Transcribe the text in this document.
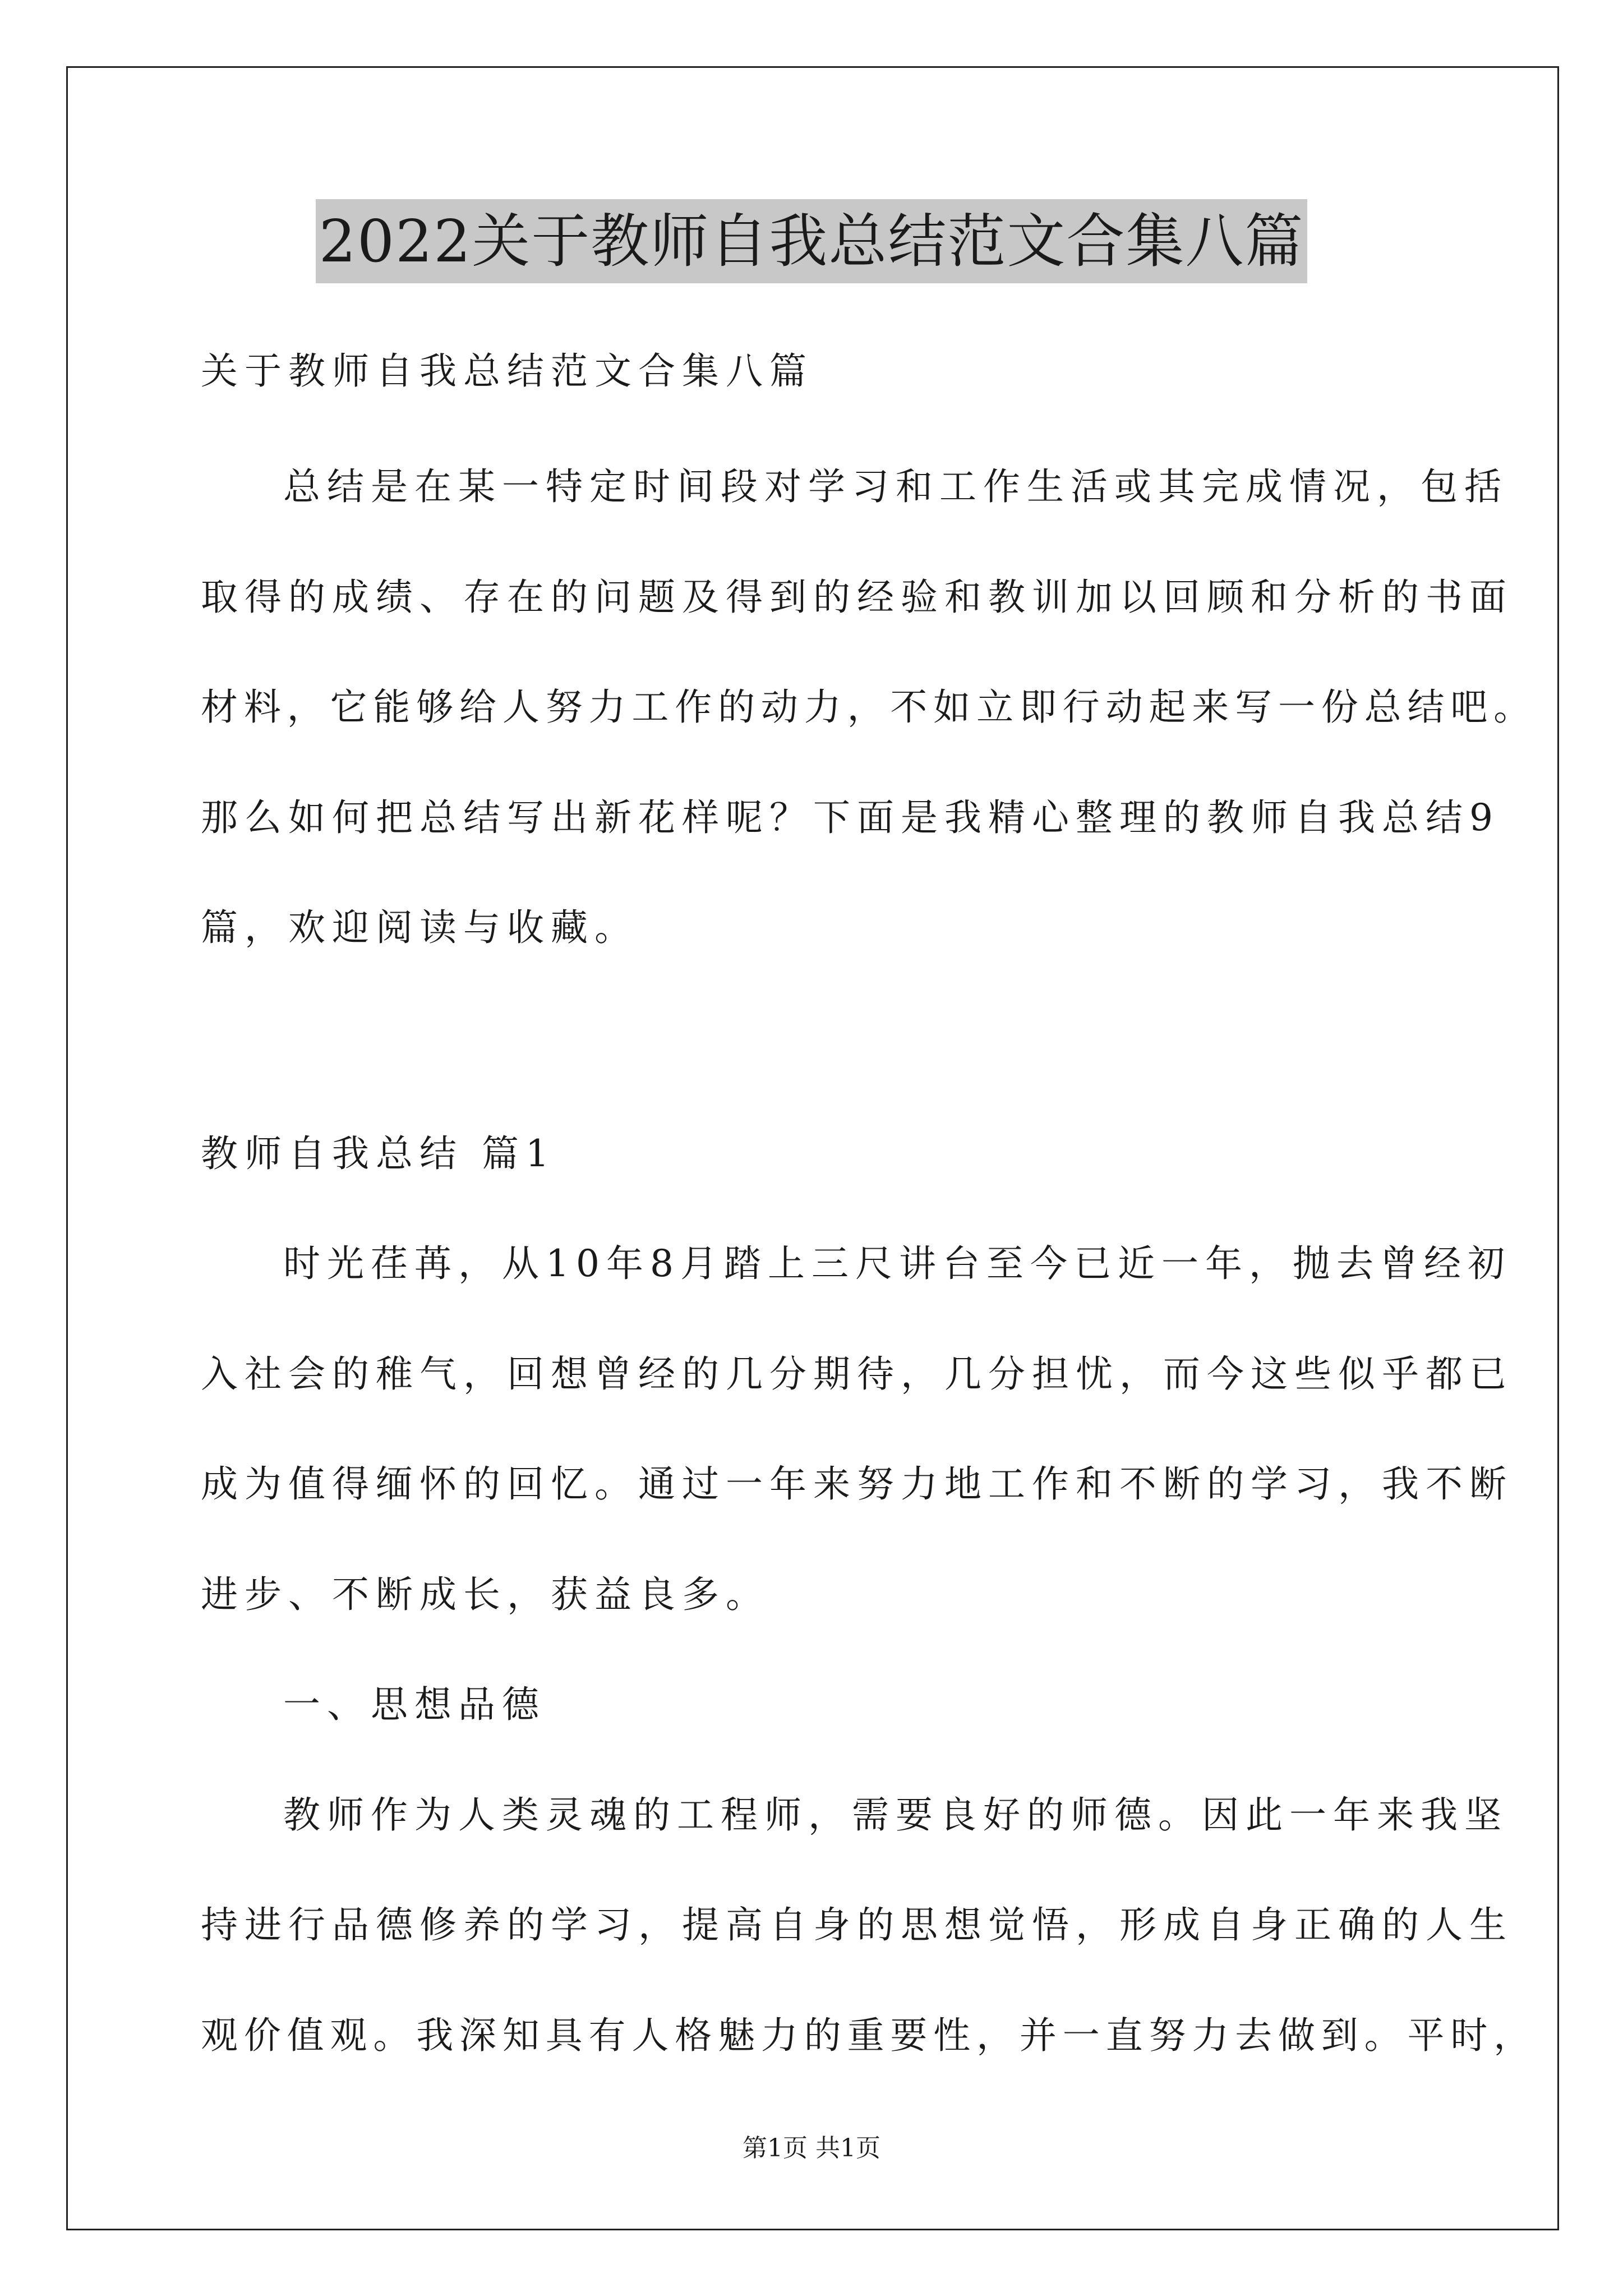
2022关于教师自我总结范文合集八篇
关于教师自我总结范文合集八篇
总结是在某一特定时间段对学习和工作生活或其完成情况，包括
取得的成绩、存在的问题及得到的经验和教训加以回顾和分析的书面
材料，它能够给人努力工作的动力，不如立即行动起来写一份总结吧。
那么如何把总结写出新花样呢？下面是我精心整理的教师自我总结9
篇，欢迎阅读与收藏。
教师自我总结 篇1
时光荏苒，从10年8月踏上三尺讲台至今已近一年，抛去曾经初
入社会的稚气，回想曾经的几分期待，几分担忧，而今这些似乎都已
成为值得缅怀的回忆。通过一年来努力地工作和不断的学习，我不断
进步、不断成长，获益良多。
一、思想品德
教师作为人类灵魂的工程师，需要良好的师德。因此一年来我坚
持进行品德修养的学习，提高自身的思想觉悟，形成自身正确的人生
观价值观。我深知具有人格魅力的重要性，并一直努力去做到。平时，
第1页 共1页
